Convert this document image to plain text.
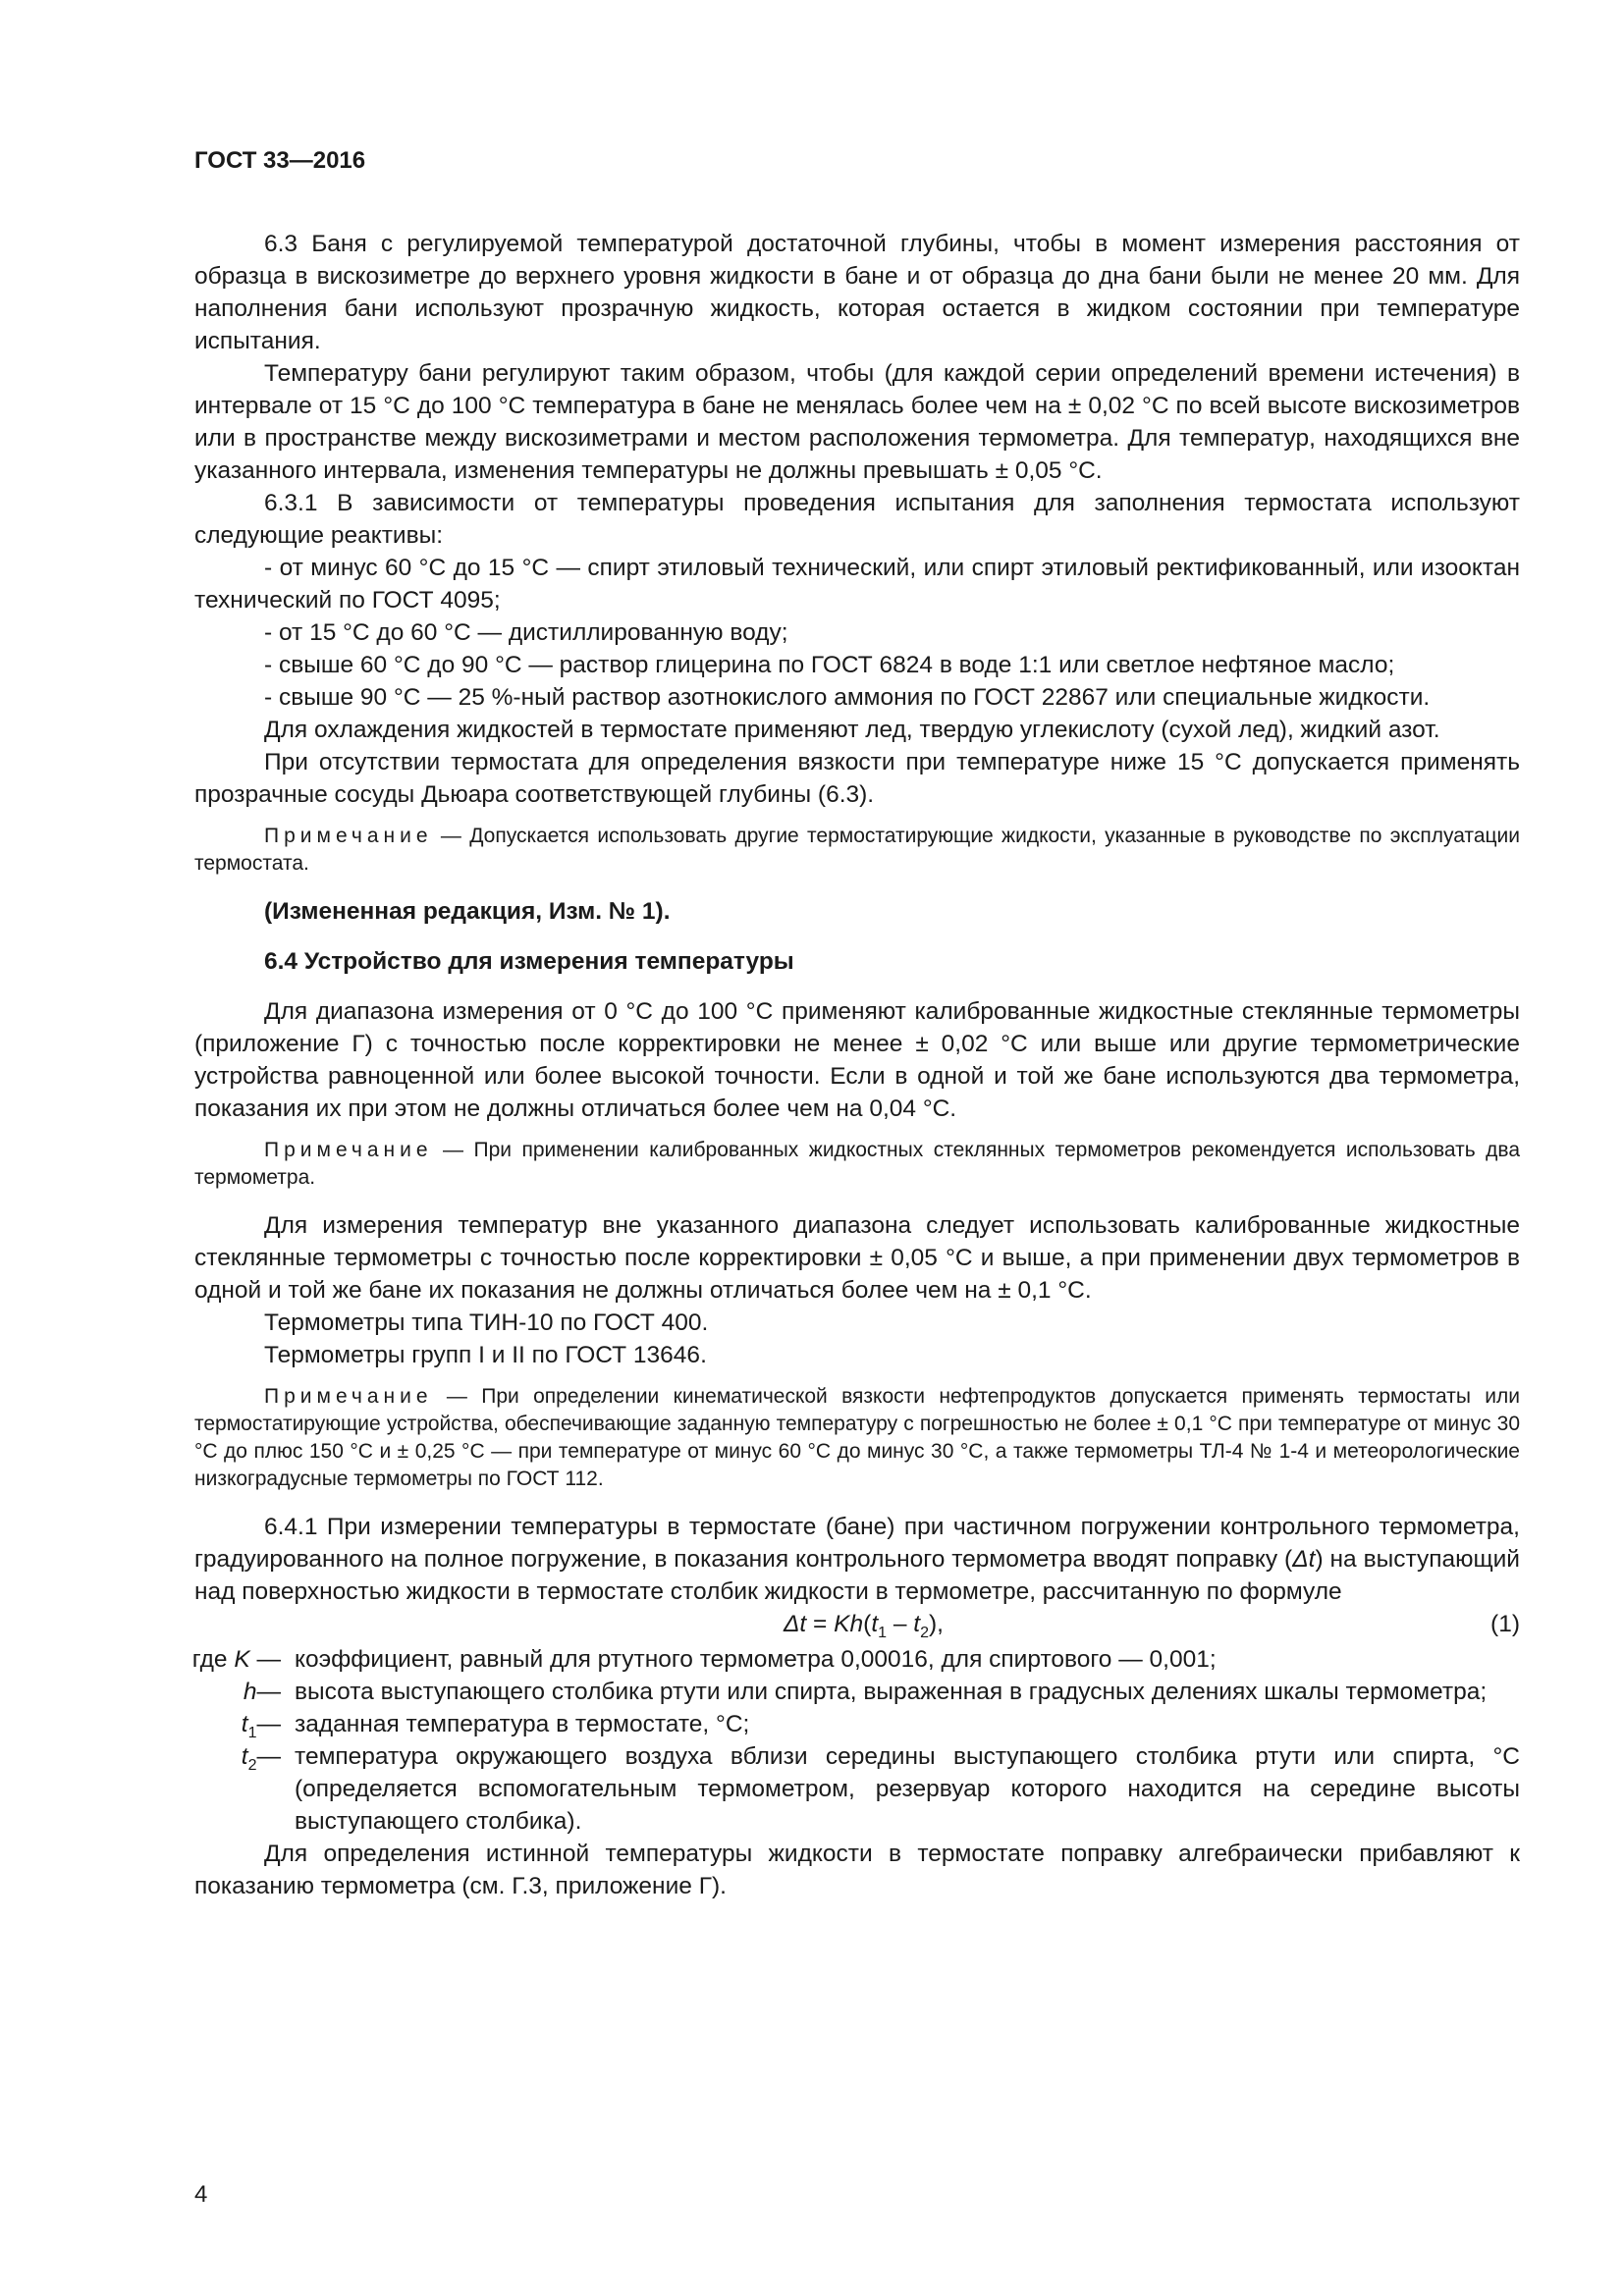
ГОСТ 33—2016

6.3 Баня с регулируемой температурой достаточной глубины, чтобы в момент измерения расстояния от образца в вискозиметре до верхнего уровня жидкости в бане и от образца до дна бани были не менее 20 мм. Для наполнения бани используют прозрачную жидкость, которая остается в жидком состоянии при температуре испытания.

Температуру бани регулируют таким образом, чтобы (для каждой серии определений времени истечения) в интервале от 15 °С до 100 °С температура в бане не менялась более чем на ± 0,02 °С по всей высоте вискозиметров или в пространстве между вискозиметрами и местом расположения термометра. Для температур, находящихся вне указанного интервала, изменения температуры не должны превышать ± 0,05 °С.

6.3.1 В зависимости от температуры проведения испытания для заполнения термостата используют следующие реактивы:

- от минус 60 °С до 15 °С — спирт этиловый технический, или спирт этиловый ректификованный, или изооктан технический по ГОСТ 4095;

- от 15 °С до 60 °С — дистиллированную воду;

- свыше 60 °С до 90 °С — раствор глицерина по ГОСТ 6824 в воде 1:1 или светлое нефтяное масло;

- свыше 90 °С — 25 %-ный раствор азотнокислого аммония по ГОСТ 22867 или специальные жидкости.

Для охлаждения жидкостей в термостате применяют лед, твердую углекислоту (сухой лед), жидкий азот.

При отсутствии термостата для определения вязкости при температуре ниже 15 °С допускается применять прозрачные сосуды Дьюара соответствующей глубины (6.3).

Примечание — Допускается использовать другие термостатирующие жидкости, указанные в руководстве по эксплуатации термостата.

(Измененная редакция, Изм. № 1).

6.4 Устройство для измерения температуры

Для диапазона измерения от 0 °С до 100 °С применяют калиброванные жидкостные стеклянные термометры (приложение Г) с точностью после корректировки не менее ± 0,02 °С или выше или другие термометрические устройства равноценной или более высокой точности. Если в одной и той же бане используются два термометра, показания их при этом не должны отличаться более чем на 0,04 °С.

Примечание — При применении калиброванных жидкостных стеклянных термометров рекомендуется использовать два термометра.

Для измерения температур вне указанного диапазона следует использовать калиброванные жидкостные стеклянные термометры с точностью после корректировки ± 0,05 °С и выше, а при применении двух термометров в одной и той же бане их показания не должны отличаться более чем на ± 0,1 °С.

Термометры типа ТИН-10 по ГОСТ 400.

Термометры групп I и II по ГОСТ 13646.

Примечание — При определении кинематической вязкости нефтепродуктов допускается применять термостаты или термостатирующие устройства, обеспечивающие заданную температуру с погрешностью не более ± 0,1 °С при температуре от минус 30 °С до плюс 150 °С и ± 0,25 °С — при температуре от минус 60 °С до минус 30 °С, а также термометры ТЛ-4 № 1-4 и метеорологические низкоградусные термометры по ГОСТ 112.

6.4.1 При измерении температуры в термостате (бане) при частичном погружении контрольного термометра, градуированного на полное погружение, в показания контрольного термометра вводят поправку (Δt) на выступающий над поверхностью жидкости в термостате столбик жидкости в термометре, рассчитанную по формуле

$\Delta t = Kh(t_1 - t_2)$,	(1)
где K — коэффициент, равный для ртутного термометра 0,00016, для спиртового — 0,001;
h— высота выступающего столбика ртути или спирта, выраженная в градусных делениях шкалы термометра;
$t_1—$ заданная температура в термостате, °С;
$t_2—$ температура окружающего воздуха вблизи середины выступающего столбика ртути или спирта, °С (определяется вспомогательным термометром, резервуар которого находится на середине высоты выступающего столбика).

Для определения истинной температуры жидкости в термостате поправку алгебраически прибавляют к показанию термометра (см. Г.3, приложение Г).

4
